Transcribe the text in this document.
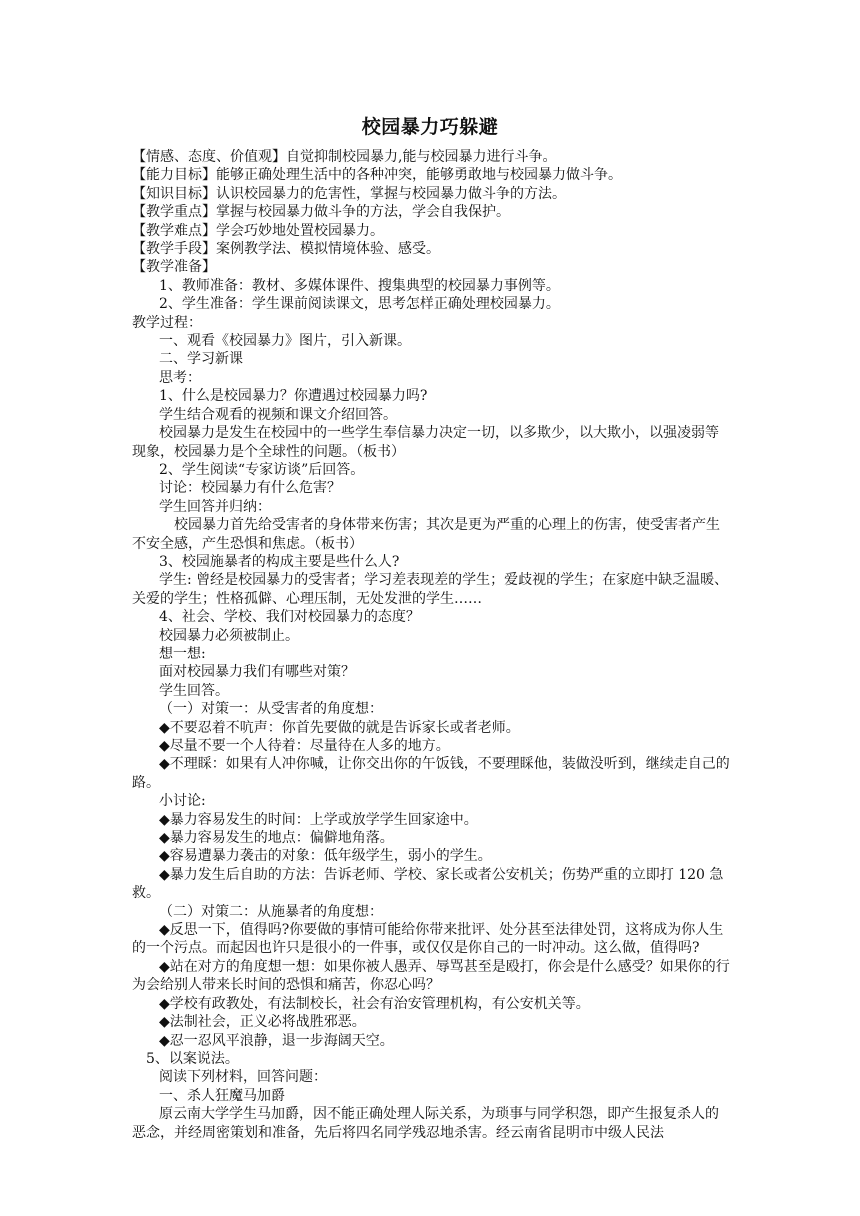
校园暴力巧躲避

【情感、态度、价值观】自觉抑制校园暴力,能与校园暴力进行斗争。

【能力目标】能够正确处理生活中的各种冲突，能够勇敢地与校园暴力做斗争。

【知识目标】认识校园暴力的危害性，掌握与校园暴力做斗争的方法。

【教学重点】掌握与校园暴力做斗争的方法，学会自我保护。

【教学难点】学会巧妙地处置校园暴力。

【教学手段】案例教学法、模拟情境体验、感受。

【教学准备】

1、教师准备：教材、多媒体课件、搜集典型的校园暴力事例等。

2、学生准备：学生课前阅读课文，思考怎样正确处理校园暴力。

教学过程：

一、观看《校园暴力》图片，引入新课。

二、学习新课

思考：

1、什么是校园暴力？你遭遇过校园暴力吗?

学生结合观看的视频和课文介绍回答。

校园暴力是发生在校园中的一些学生奉信暴力决定一切，以多欺少，以大欺小，以强凌弱等现象，校园暴力是个全球性的问题。（板书）

2、学生阅读“专家访谈”后回答。

讨论：校园暴力有什么危害？

学生回答并归纳：

校园暴力首先给受害者的身体带来伤害；其次是更为严重的心理上的伤害，使受害者产生不安全感，产生恐惧和焦虑。（板书）

3、校园施暴者的构成主要是些什么人?

学生: 曾经是校园暴力的受害者；学习差表现差的学生；爱歧视的学生；在家庭中缺乏温暖、关爱的学生；性格孤僻、心理压制，无处发泄的学生……

4、社会、学校、我们对校园暴力的态度？

校园暴力必须被制止。

想一想:

面对校园暴力我们有哪些对策？

学生回答。

（一）对策一：从受害者的角度想：

◆不要忍着不吭声：你首先要做的就是告诉家长或者老师。

◆尽量不要一个人待着：尽量待在人多的地方。

◆不理睬：如果有人冲你喊，让你交出你的午饭钱，不要理睬他，装做没听到，继续走自己的路。

小讨论:

◆暴力容易发生的时间：上学或放学学生回家途中。

◆暴力容易发生的地点：偏僻地角落。

◆容易遭暴力袭击的对象：低年级学生，弱小的学生。

◆暴力发生后自助的方法：告诉老师、学校、家长或者公安机关；伤势严重的立即打 120 急救。

（二）对策二：从施暴者的角度想：

◆反思一下，值得吗?你要做的事情可能给你带来批评、处分甚至法律处罚，这将成为你人生的一个污点。而起因也许只是很小的一件事，或仅仅是你自己的一时冲动。这么做，值得吗?

◆站在对方的角度想一想：如果你被人愚弄、辱骂甚至是殴打，你会是什么感受？如果你的行为会给别人带来长时间的恐惧和痛苦，你忍心吗？

◆学校有政教处，有法制校长，社会有治安管理机构，有公安机关等。

◆法制社会，正义必将战胜邪恶。

◆忍一忍风平浪静，退一步海阔天空。

5、以案说法。

阅读下列材料，回答问题：

一、杀人狂魔马加爵

原云南大学学生马加爵，因不能正确处理人际关系，为琐事与同学积怨，即产生报复杀人的恶念，并经周密策划和准备，先后将四名同学残忍地杀害。经云南省昆明市中级人民法
